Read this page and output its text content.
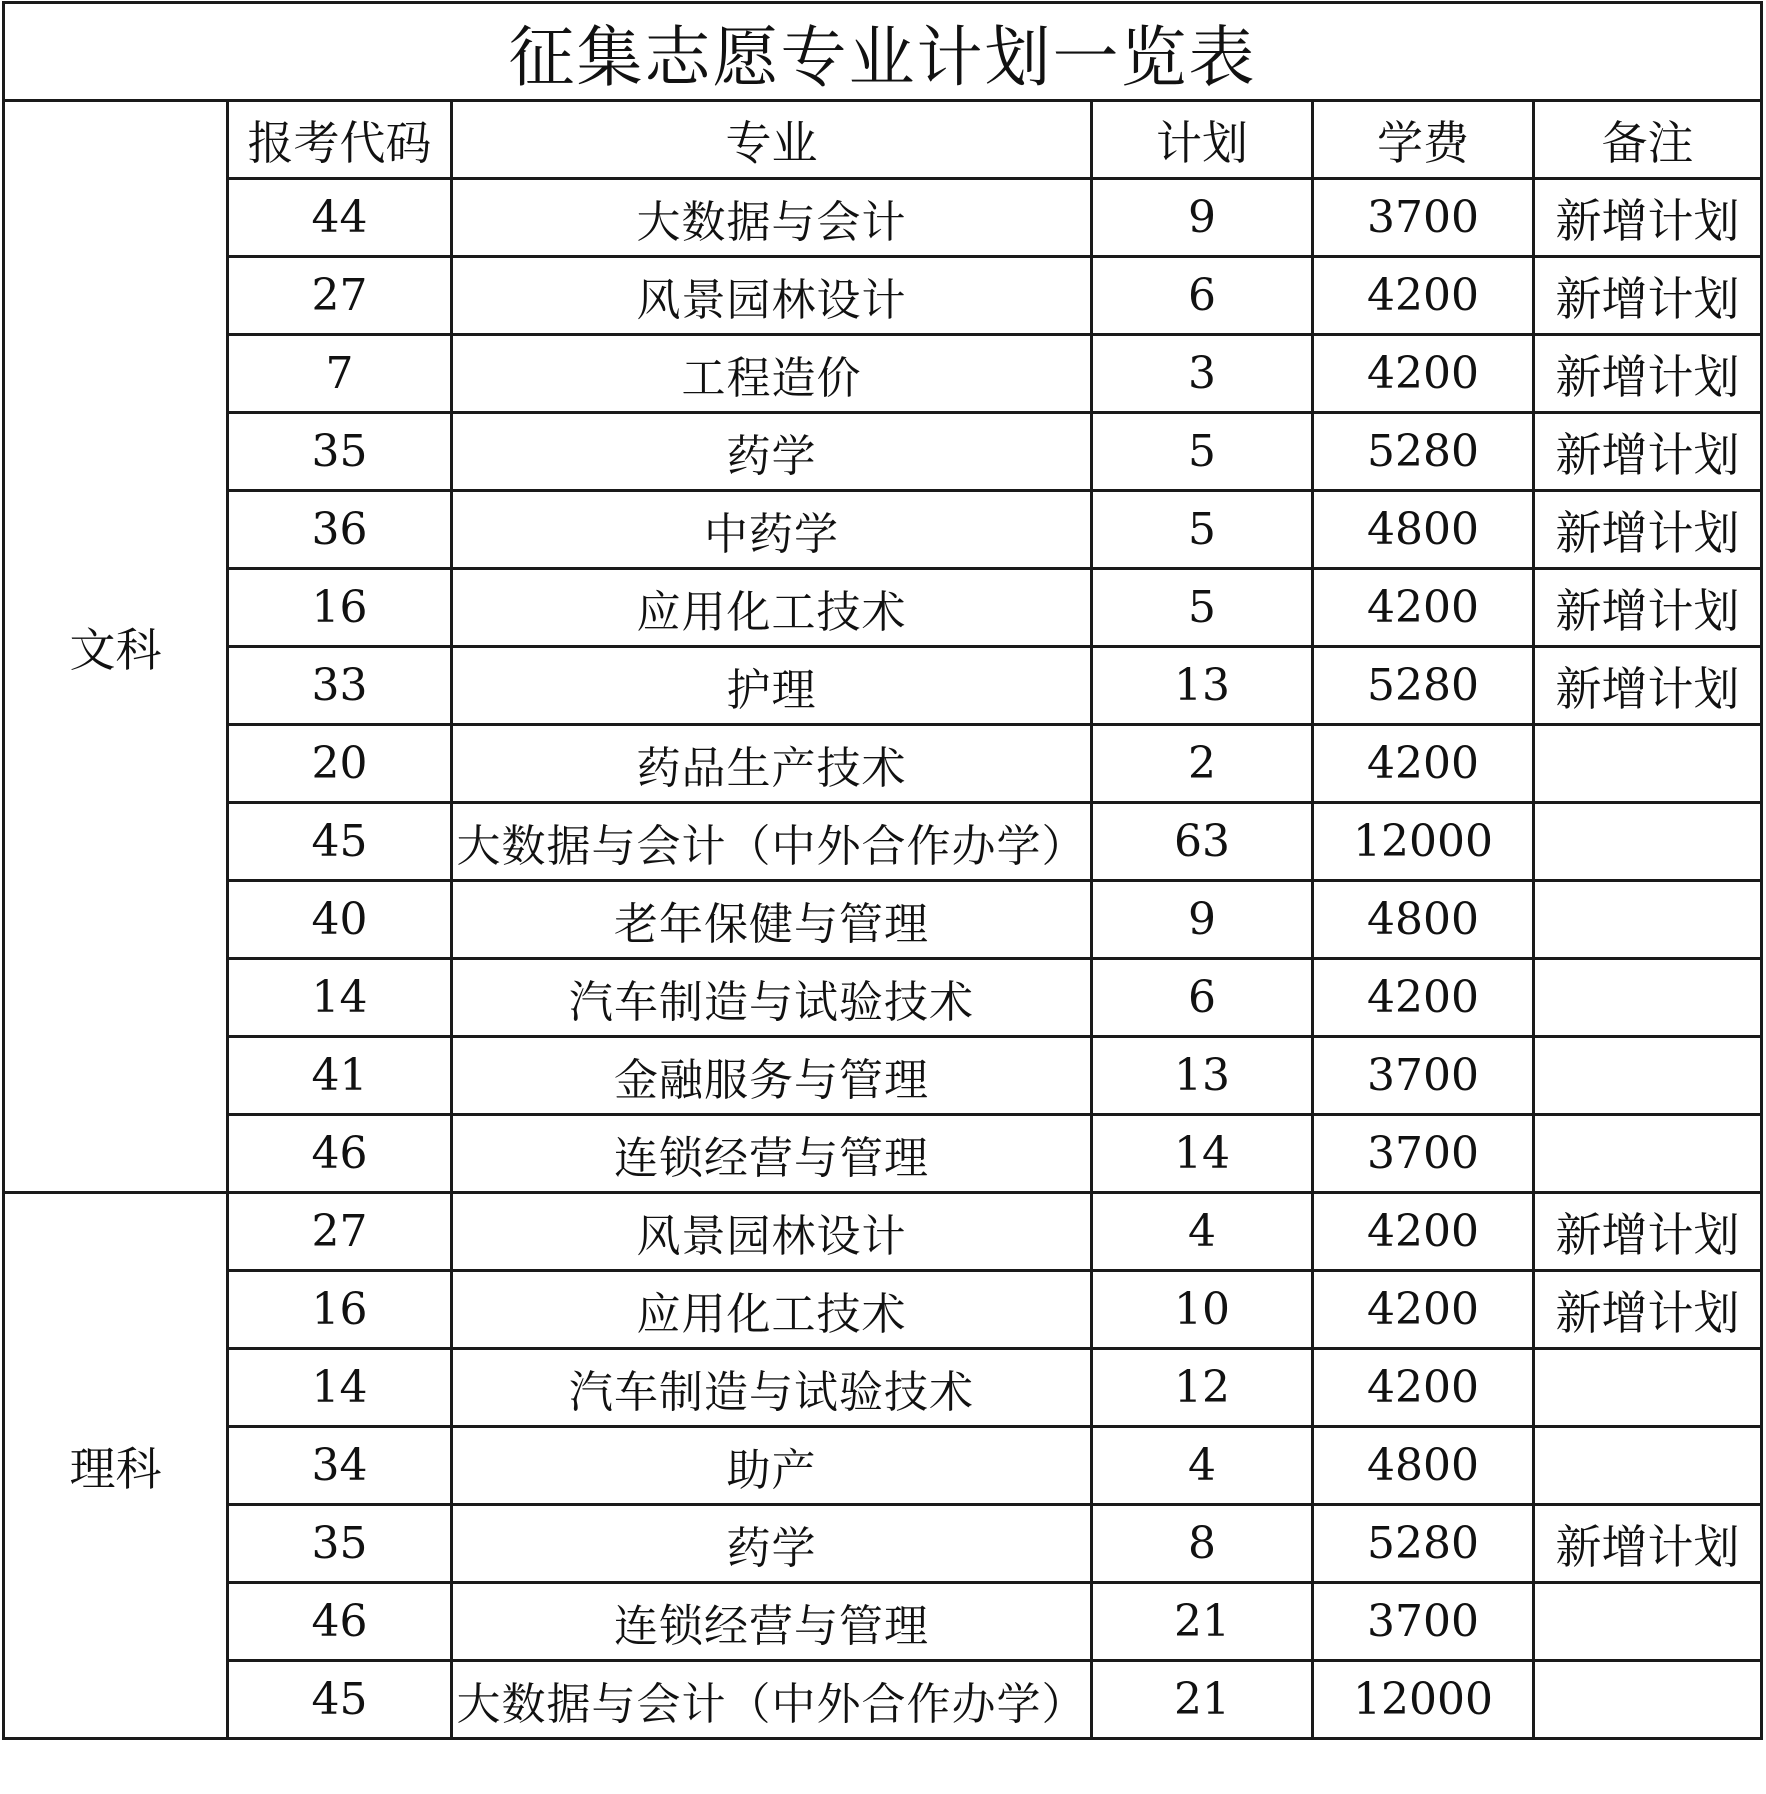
征集志愿专业计划一览表					
文科	报考代码	专业	计划	学费	备注
	44	大数据与会计	9	3700	新增计划
	27	风景园林设计	6	4200	新增计划
	7	工程造价	3	4200	新增计划
	35	药学	5	5280	新增计划
	36	中药学	5	4800	新增计划
	16	应用化工技术	5	4200	新增计划
	33	护理	13	5280	新增计划
	20	药品生产技术	2	4200	
	45	大数据与会计（中外合作办学）	63	12000	
	40	老年保健与管理	9	4800	
	14	汽车制造与试验技术	6	4200	
	41	金融服务与管理	13	3700	
	46	连锁经营与管理	14	3700	
理科	27	风景园林设计	4	4200	新增计划
	16	应用化工技术	10	4200	新增计划
	14	汽车制造与试验技术	12	4200	
	34	助产	4	4800	
	35	药学	8	5280	新增计划
	46	连锁经营与管理	21	3700	
	45	大数据与会计（中外合作办学）	21	12000	
